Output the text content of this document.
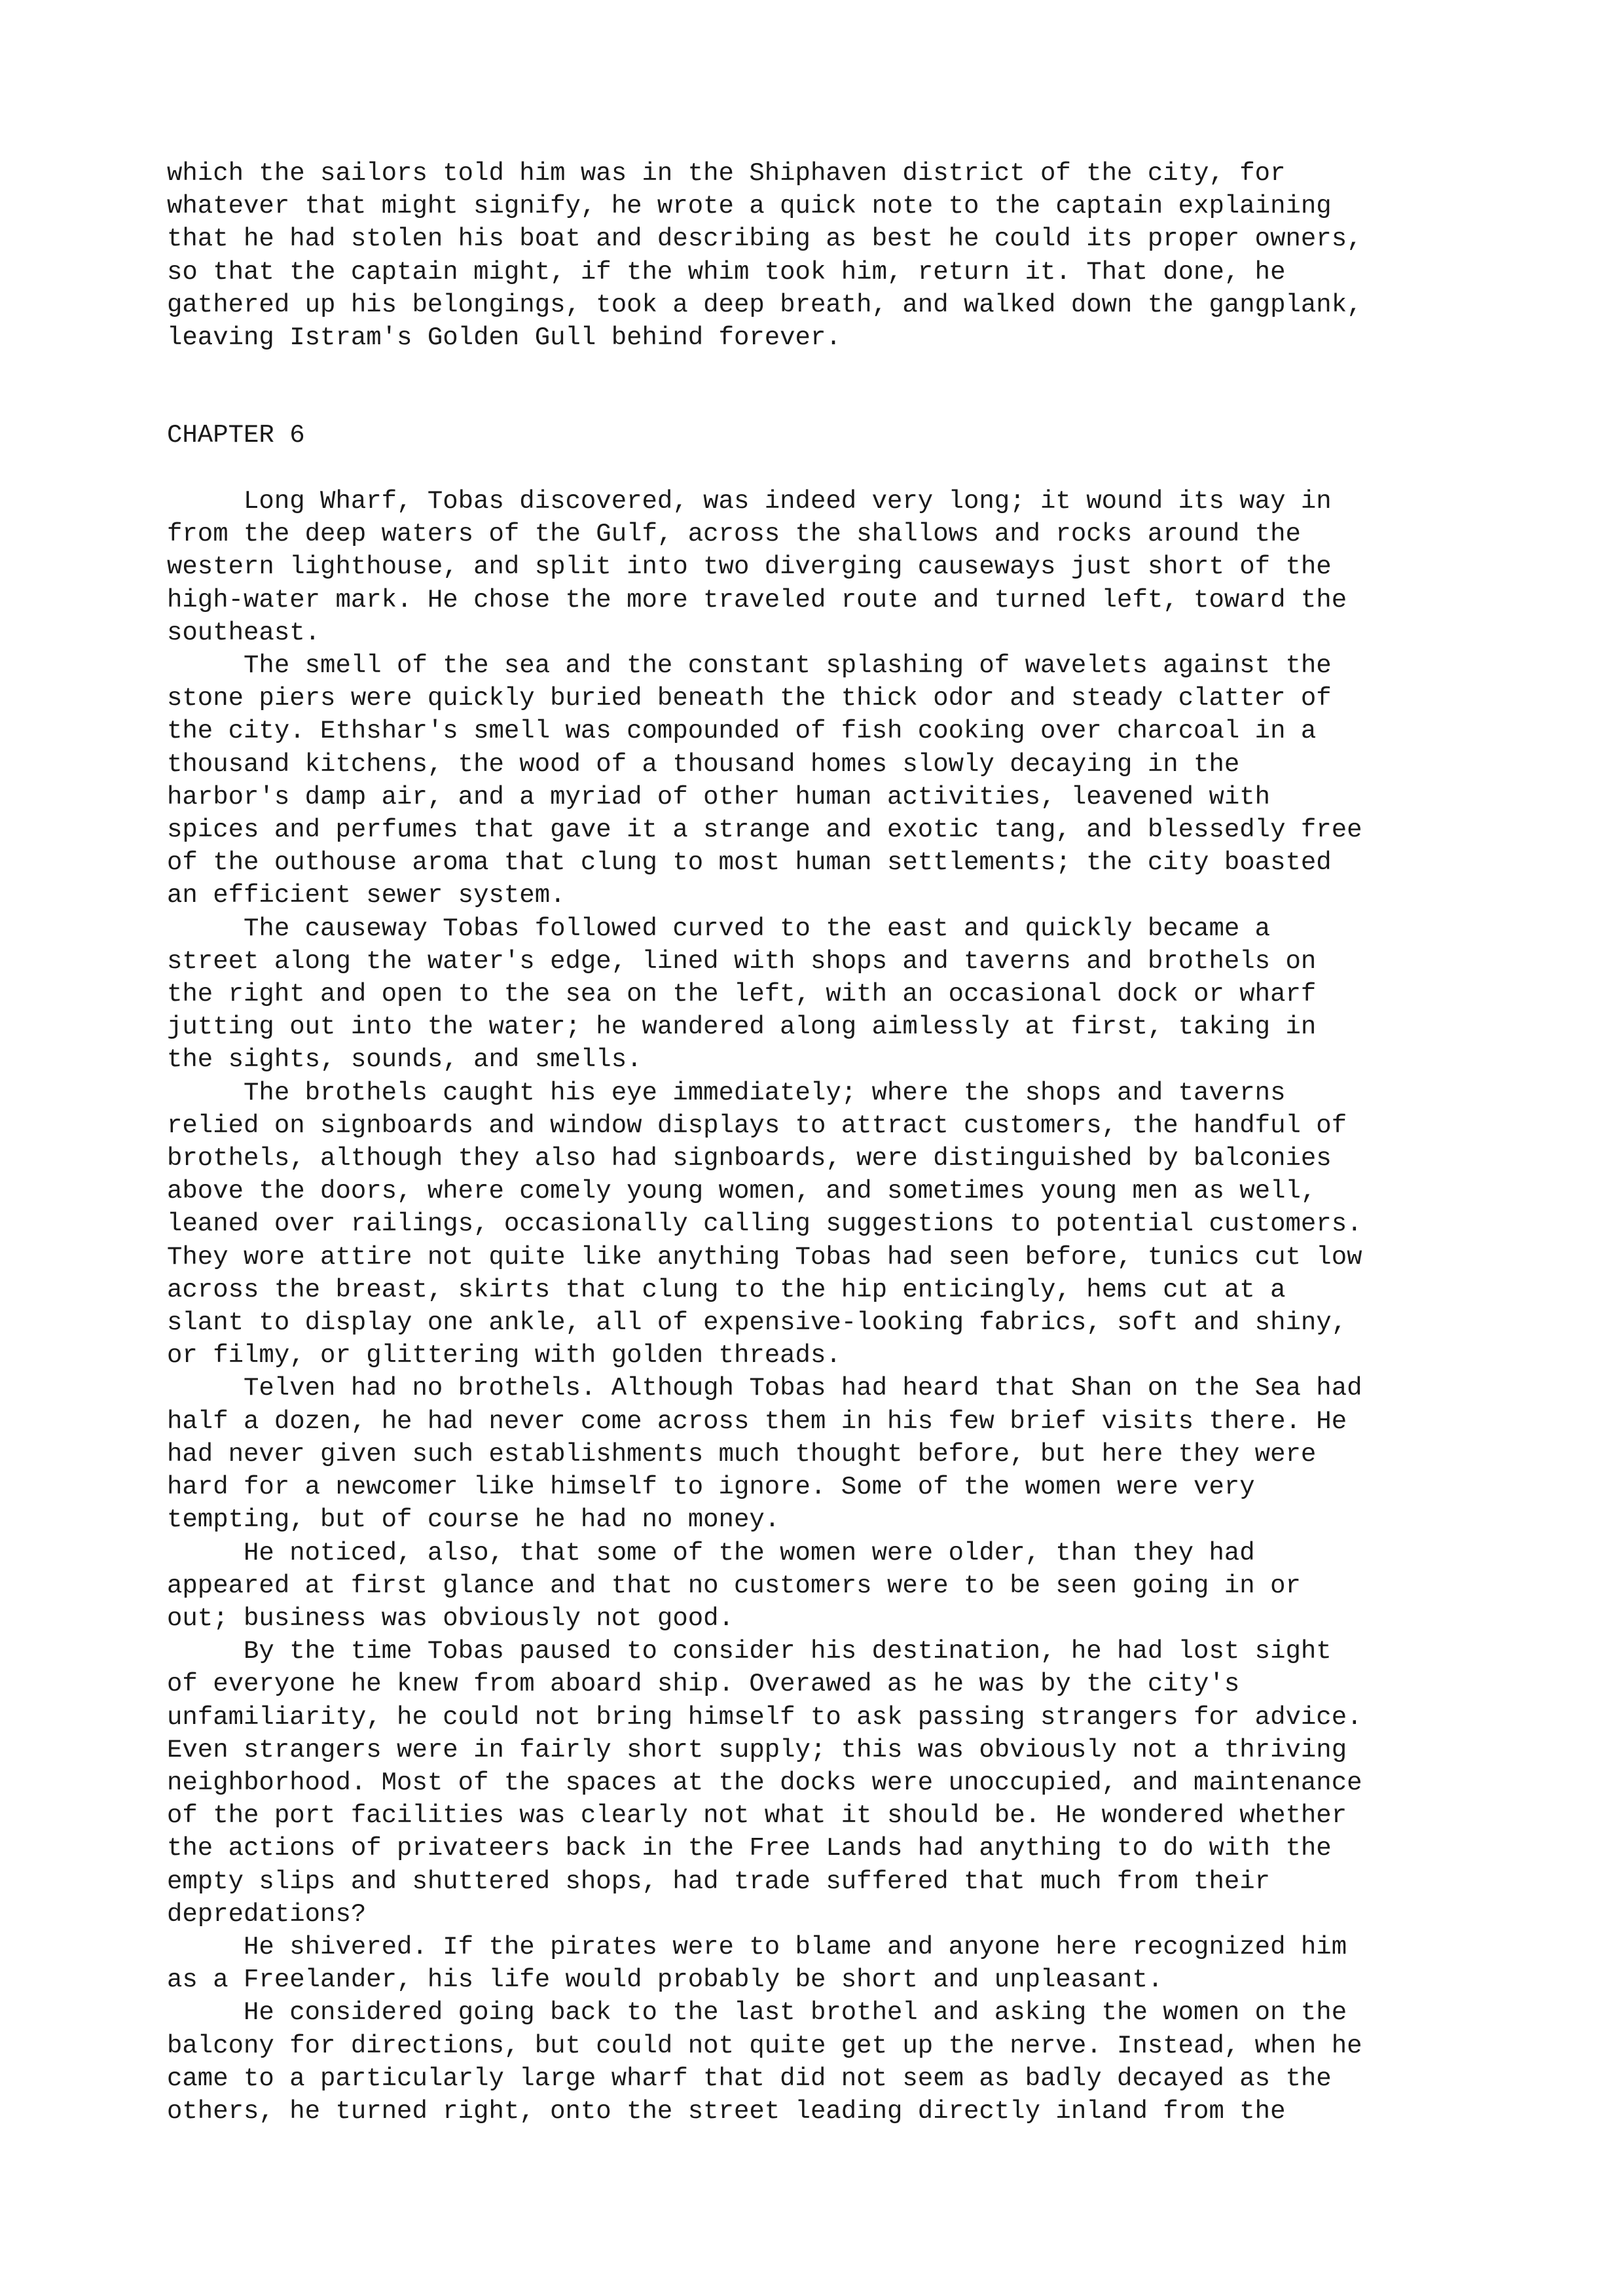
which the sailors told him was in the Shiphaven district of the city, for
whatever that might signify, he wrote a quick note to the captain explaining
that he had stolen his boat and describing as best he could its proper owners,
so that the captain might, if the whim took him, return it. That done, he
gathered up his belongings, took a deep breath, and walked down the gangplank,
leaving Istram's Golden Gull behind forever.
CHAPTER 6
Long Wharf, Tobas discovered, was indeed very long; it wound its way in
from the deep waters of the Gulf, across the shallows and rocks around the
western lighthouse, and split into two diverging causeways just short of the
high-water mark. He chose the more traveled route and turned left, toward the
southeast.
The smell of the sea and the constant splashing of wavelets against the
stone piers were quickly buried beneath the thick odor and steady clatter of
the city. Ethshar's smell was compounded of fish cooking over charcoal in a
thousand kitchens, the wood of a thousand homes slowly decaying in the
harbor's damp air, and a myriad of other human activities, leavened with
spices and perfumes that gave it a strange and exotic tang, and blessedly free
of the outhouse aroma that clung to most human settlements; the city boasted
an efficient sewer system.
The causeway Tobas followed curved to the east and quickly became a
street along the water's edge, lined with shops and taverns and brothels on
the right and open to the sea on the left, with an occasional dock or wharf
jutting out into the water; he wandered along aimlessly at first, taking in
the sights, sounds, and smells.
The brothels caught his eye immediately; where the shops and taverns
relied on signboards and window displays to attract customers, the handful of
brothels, although they also had signboards, were distinguished by balconies
above the doors, where comely young women, and sometimes young men as well,
leaned over railings, occasionally calling suggestions to potential customers.
They wore attire not quite like anything Tobas had seen before, tunics cut low
across the breast, skirts that clung to the hip enticingly, hems cut at a
slant to display one ankle, all of expensive-looking fabrics, soft and shiny,
or filmy, or glittering with golden threads.
Telven had no brothels. Although Tobas had heard that Shan on the Sea had
half a dozen, he had never come across them in his few brief visits there. He
had never given such establishments much thought before, but here they were
hard for a newcomer like himself to ignore. Some of the women were very
tempting, but of course he had no money.
He noticed, also, that some of the women were older, than they had
appeared at first glance and that no customers were to be seen going in or
out; business was obviously not good.
By the time Tobas paused to consider his destination, he had lost sight
of everyone he knew from aboard ship. Overawed as he was by the city's
unfamiliarity, he could not bring himself to ask passing strangers for advice.
Even strangers were in fairly short supply; this was obviously not a thriving
neighborhood. Most of the spaces at the docks were unoccupied, and maintenance
of the port facilities was clearly not what it should be. He wondered whether
the actions of privateers back in the Free Lands had anything to do with the
empty slips and shuttered shops, had trade suffered that much from their
depredations?
He shivered. If the pirates were to blame and anyone here recognized him
as a Freelander, his life would probably be short and unpleasant.
He considered going back to the last brothel and asking the women on the
balcony for directions, but could not quite get up the nerve. Instead, when he
came to a particularly large wharf that did not seem as badly decayed as the
others, he turned right, onto the street leading directly inland from the
